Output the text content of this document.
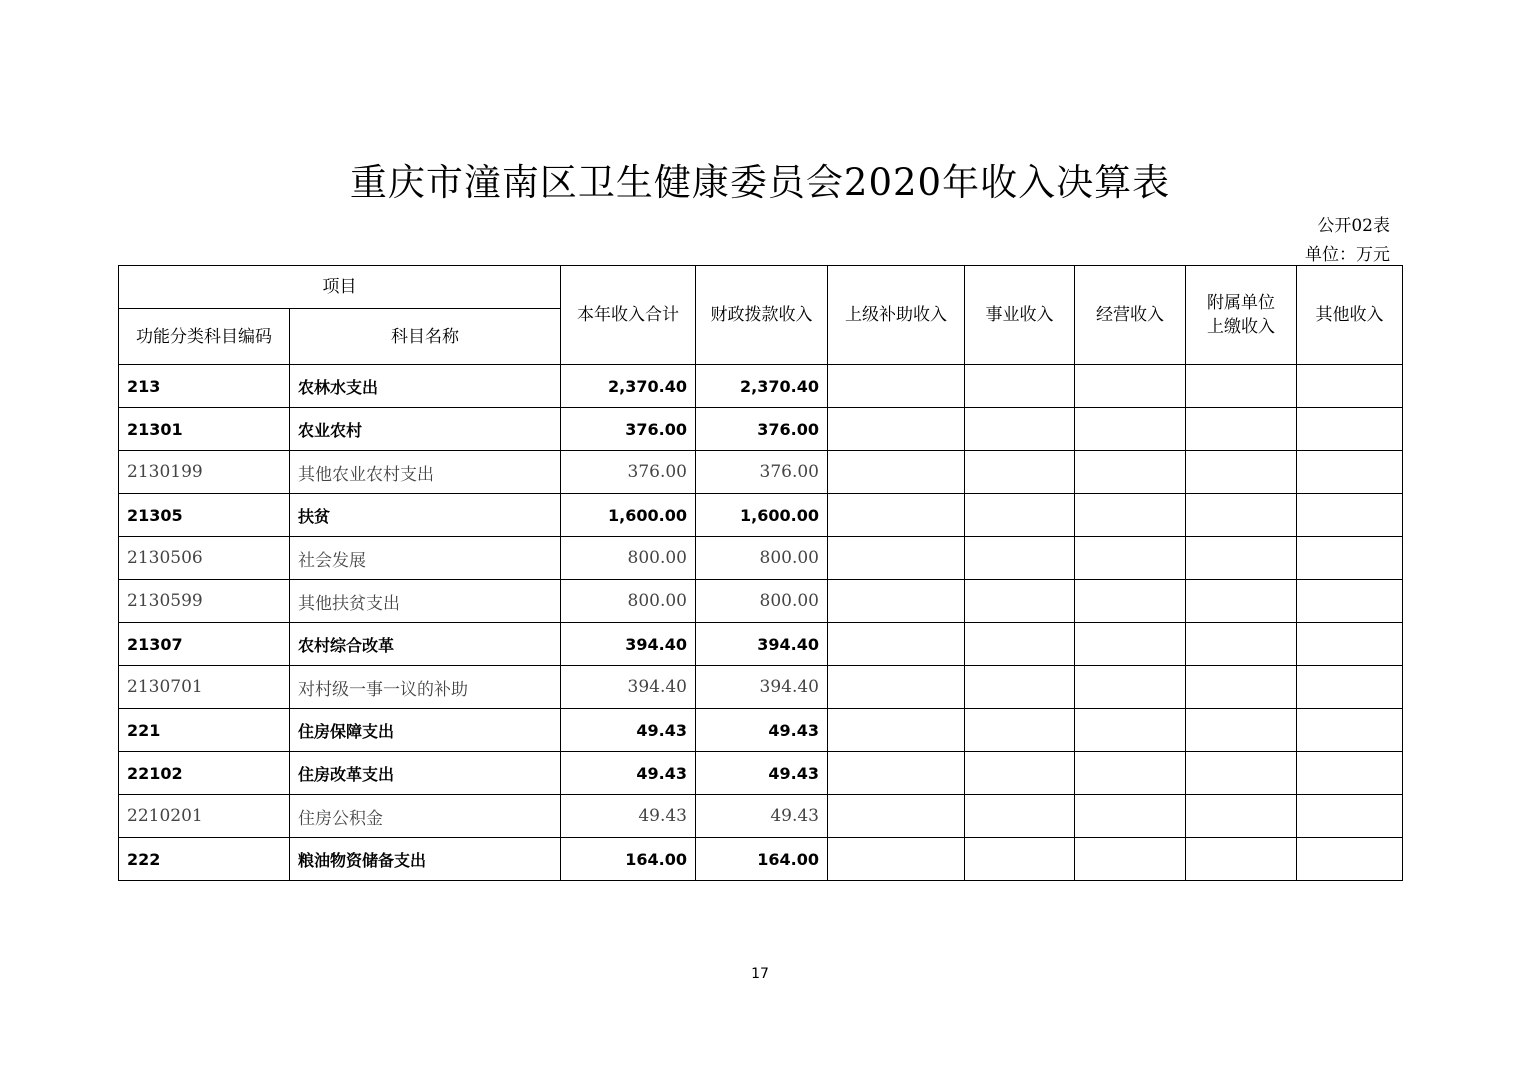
重庆市潼南区卫生健康委员会2020年收入决算表
公开02表
单位：万元
项目		本年收入合计	财政拨款收入	上级补助收入	事业收入	经营收入	附属单位上缴收入	其他收入
功能分类科目编码	科目名称							
213	农林水支出	2,370.40	2,370.40					
21301	农业农村	376.00	376.00					
2130199	其他农业农村支出	376.00	376.00					
21305	扶贫	1,600.00	1,600.00					
2130506	社会发展	800.00	800.00					
2130599	其他扶贫支出	800.00	800.00					
21307	农村综合改革	394.40	394.40					
2130701	对村级一事一议的补助	394.40	394.40					
221	住房保障支出	49.43	49.43					
22102	住房改革支出	49.43	49.43					
2210201	住房公积金	49.43	49.43					
222	粮油物资储备支出	164.00	164.00					
17
